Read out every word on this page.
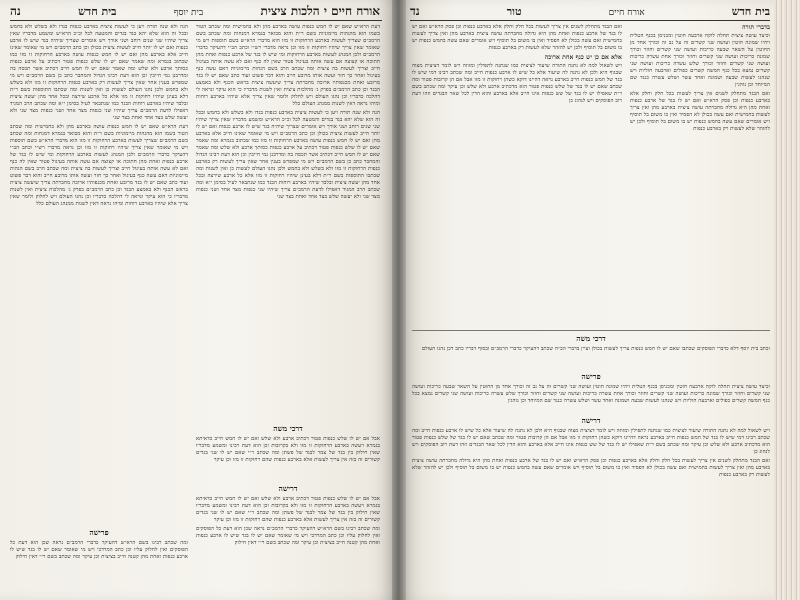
אורח חיים י הלכות ציצית
בית יוסף
בית חדש
נה

הגה ולא שנה תורה ויען כי לעשות ציצית בארבע כנפות בגדו ולא בשלש ולא בחמש ובכל זה הוא שלא יהא בגד בגדים והמטעה לכל וכ״כ הרא״ש ומשמע מדבריו שאין צריך שיהיו שני שנים רוחב ושני אורך ויש אומרים שצריך שיהיה בגד שיש לו ארבע כנפות ואם יש לו יותר חייב לעשות ציצית בכולן וכן כתב הרמב״ם ויש מי שאומר שאינו חייב אלא בארבע מהן ואם יש לו חמש כנפות עושה בארבע הרחוקות זו מזו כמו שכתוב בגמרא ומה שאמר שאם יש לו שלש כנפות פטור דכתיב על ארבע כנפות כסותך ארבע ולא שלש ומה שאמר שאם יש לו חמש חייב דכתיב אשר תכסה בה ומדרבנן נמי חייבין וכן הוא דעת רבינו הגדול והמחבר כתב כן בשם הרמב״ם ויש מי שמפרש בענין אחר שאין צריך לעשות רק בארבע כנפות הרחוקות זו מזו ולא בשלש ולא בחמש ולכן נהגו העולם לעשות כן ואין לשנות ומה שכתבו התוספות בשם ר״ת דלא בעינן שיהיו רחוקות זו מזו אלא כל ארבע שירצה ובכל אחד מהן יעשה ציצית ובלבד שיהיו בארבע רוחות הבגד כמו שנתבאר לעיל בסימן י״א ומה שכתב הרב המגיד דאפילו לדעת הרמב״ם צריך שיהיו שני כנפות מצד אחד ושני כנפות מצד שני ולא יעשה שלש בצד אחד ואחת בצד שני

דעת הרא״ש שאם יש לו חמש כנפות עושה בארבע מהן ולא בחמישית ומה שכתב הטור בשמו הוא מהגהות מיימוניות בשם ר״ת והוא מבואר בגמרא דמנחות ומה שכתב בשם הרמב״ם שצריך לעשות בארבע הרחוקות זו מזו הוא מדברי הרא״ש בשם תוספות ויש מי שאומר שאין צריך שיהיו רחוקות זו מזו וכן נראה מדברי רש״י וכתב הב״י דהעיקר כדברי הרמב״ם ולכן המנהג לעשות בארבע הרחוקות ומי שיש לו בגד של ארבע כנפות ואחת מהן חתוכה או קצוצה אם עשה אותה בעיגול פטור שאין לה כנף ואם לא עשה אותה בעיגול חייב וצריך לעשות בה ציצית ומה שכתב הרב בשם הגהות מיימוניות דאם עשה כנף בעיגול ואחר כך חזר ועשה אותו מרובע חייב והוא דבר פשוט ועוד כתב שאם יש לו בגד מרובע ואחת מכנפותיו ארוכה מחברתה צריך שיעשה ציצית בראש הכנף ולא באמצע הבגד וכן כתב הרמב״ם בפרק ג׳ מהלכות ציצית ואין לשנות מדבריו כי הוא עיקר ונראה לי דהלכה כדבריו וכן נהגו העולם ויש לחלוק ולומר שאין צריך אלא שיהיו בארבע רוחות ומיהו נראה דאין לשנות ממנהג העולם כלל

דעת הרא״ש שאם יש לו חמש כנפות עושה בארבע מהן ולא בחמישית ומה שכתב הטור בשמו הוא מהגהות מיימוניות בשם ר״ת והוא מבואר בגמרא דמנחות ומה שכתב בשם הרמב״ם שצריך לעשות בארבע הרחוקות זו מזו הוא מדברי הרא״ש בשם תוספות ויש מי שאומר שאין צריך שיהיו רחוקות זו מזו וכן נראה מדברי רש״י וכתב הב״י דהעיקר כדברי הרמב״ם ולכן המנהג לעשות בארבע הרחוקות ומי שיש לו בגד של ארבע כנפות ואחת מהן חתוכה או קצוצה אם עשה אותה בעיגול פטור שאין לה כנף ואם לא עשה אותה בעיגול חייב וצריך לעשות בה ציצית ומה שכתב הרב בשם הגהות מיימוניות דאם עשה כנף בעיגול ואחר כך חזר ועשה אותו מרובע חייב והוא דבר פשוט ועוד כתב שאם יש לו בגד מרובע ואחת מכנפותיו ארוכה מחברתה צריך שיעשה ציצית בראש הכנף ולא באמצע הבגד וכן כתב הרמב״ם בפרק ג׳ מהלכות ציצית ואין לשנות מדבריו כי הוא עיקר ונראה לי דהלכה כדבריו וכן נהגו העולם ויש לחלוק ולומר שאין צריך אלא שיהיו בארבע רוחות ומיהו נראה דאין לשנות ממנהג העולם כלל

הגה ולא שנה תורה ויען כי לעשות ציצית בארבע כנפות בגדו ולא בשלש ולא בחמש ובכל זה הוא שלא יהא בגד בגדים והמטעה לכל וכ״כ הרא״ש ומשמע מדבריו שאין צריך שיהיו שני שנים רוחב ושני אורך ויש אומרים שצריך שיהיה בגד שיש לו ארבע כנפות ואם יש לו יותר חייב לעשות ציצית בכולן וכן כתב הרמב״ם ויש מי שאומר שאינו חייב אלא בארבע מהן ואם יש לו חמש כנפות עושה בארבע הרחוקות זו מזו כמו שכתוב בגמרא ומה שאמר שאם יש לו שלש כנפות פטור דכתיב על ארבע כנפות כסותך ארבע ולא שלש ומה שאמר שאם יש לו חמש חייב דכתיב אשר תכסה בה ומדרבנן נמי חייבין וכן הוא דעת רבינו הגדול והמחבר כתב כן בשם הרמב״ם ויש מי שמפרש בענין אחר שאין צריך לעשות רק בארבע כנפות הרחוקות זו מזו ולא בשלש ולא בחמש ולכן נהגו העולם לעשות כן ואין לשנות ומה שכתבו התוספות בשם ר״ת דלא בעינן שיהיו רחוקות זו מזו אלא כל ארבע שירצה ובכל אחד מהן יעשה ציצית ובלבד שיהיו בארבע רוחות הבגד כמו שנתבאר לעיל בסימן י״א ומה שכתב הרב המגיד דאפילו לדעת הרמב״ם צריך שיהיו שני כנפות מצד אחד ושני כנפות מצד שני ולא יעשה שלש בצד אחד ואחת בצד שני

דרכי משה

אבל אם יש לו שלש כנפות פטור דכתיב ארבע ולא שלש ואם יש לו חמש חייב כדאיתא בגמרא ויעשה בארבע הרחוקות זו מזו ולא בקרובות וכן הוא דעת רבינו ומשמע מדבריו שאין חילוק בין בגד של צמר לבגד של פשתן ומה שכתב ר״י שאם יש לו שני בגדים קשורים זה בזה אין צריך לעשות אלא בארבע כנפות שהם רחוקות זו מזו וכן עיקר

פרישה

ומה שכתב רבינו בשם הרא״ש דהעיקר כדברי הרמב״ם נראה שכן הוא דעת כל הפוסקים ואין לחלוק עליו וכן כתב המרדכי ויש מי שאומר שאם יש לו בגד שיש לו ארבע כנפות ואחת מהן קטנה חייב בציצית וכן עיקר ומה שכתב בשם ר״י דאין חילוק

דרישה

אבל אם יש לו שלש כנפות פטור דכתיב ארבע ולא שלש ואם יש לו חמש חייב כדאיתא בגמרא ויעשה בארבע הרחוקות זו מזו ולא בקרובות וכן הוא דעת רבינו ומשמע מדבריו שאין חילוק בין בגד של צמר לבגד של פשתן ומה שכתב ר״י שאם יש לו שני בגדים קשורים זה בזה אין צריך לעשות אלא בארבע כנפות שהם רחוקות זו מזו וכן עיקר

ומה שכתב רבינו בשם הרא״ש דהעיקר כדברי הרמב״ם נראה שכן הוא דעת כל הפוסקים ואין לחלוק עליו וכן כתב המרדכי ויש מי שאומר שאם יש לו בגד שיש לו ארבע כנפות ואחת מהן קטנה חייב בציצית וכן עיקר ומה שכתב בשם ר״י דאין חילוק

בית חדש
אורח חיים
טור
נד

ואם הבגד מתחלק לשנים אין צריך לעשות בכל חלק וחלק אלא בארבע כנפות וכן פסק הרא״ש ואם יש לו בגד של ארבע כנפות ואחת מהן היא גדולה מחברתה עושה ציצית בארבע מהן ואין צריך לעשות בחמישית ואם עשה בכולן לא הפסיד ואין בו משום בל תוסיף ויש אומרים שאם עשה בחמש כנפות יש בו משום בל תוסיף ולכן יש להזהר שלא לעשות רק בארבע כנפות

אלא אם כן יש כנף אחת ארוכה

ויש לשאול למה לא נתנה התורה שיעור לציצית כמו שנתנה לתפילין ומזוזה ויש לומר דציצית מצוה שבגוף היא ולכן לא נתנה לה שיעור אלא כל שיש לו ארבע כנפות חייב ומה שכתב רבינו דמי שיש לו בגד של חמש כנפות חייב בארבע נראה דהיינו דוקא כשהן רחוקות זו מזו אבל אם הן קרובות פטור ומה שכתב שאם יש לו בגד של שלש כנפות פטור הוא מדכתיב ארבע ולא שלש וכן עיקר ומה שכתב בשם ר״ת שאפילו יש לו בגד של שש כנפות אינו חייב אלא בארבע והוא הדין לכל שאר הבגדים וזהו דעת רוב הפוסקים ויש לנהוג כן

בדברי תורה

וכיצד עושה ציצית תחלה לוקח ארבעה חוטין ומכניסן בכנף הטלית ויהיו שמונה חוטין ועושה שני קשרים זה על גב זה וכורך אחד מן החוטין על השאר שבעה כריכות ועושה שני קשרים וחוזר וכורך שמונה כריכות ועושה שני קשרים וחוזר וכורך אחת עשרה כריכות ועושה שני קשרים וחוזר וכורך שלש עשרה כריכות ועושה שני קשרים נמצא בכל כנף חמשה קשרים כפולים וארבעה חוליות ויש שנהגו לעשות שבעה ושמונה ואחד עשר ושלש עשרה כנגד שם המיוחד וכן נוהגין

ואם הבגד מתחלק לשנים אין צריך לעשות בכל חלק וחלק אלא בארבע כנפות וכן פסק הרא״ש ואם יש לו בגד של ארבע כנפות ואחת מהן היא גדולה מחברתה עושה ציצית בארבע מהן ואין צריך לעשות בחמישית ואם עשה בכולן לא הפסיד ואין בו משום בל תוסיף ויש אומרים שאם עשה בחמש כנפות יש בו משום בל תוסיף ולכן יש להזהר שלא לעשות רק בארבע כנפות

דרכי משה

וכתב בית יוסף דלא כדברי הפוסקים שכתבו שאם יש לו חמש כנפות צריך לעשות בכולן ועיין בדברי הב״ח שכתב דהעיקר כדברי הרמב״ם ובסוף דבריו כתב דכן נהגו העולם

פרישה

וכיצד עושה ציצית תחלה לוקח ארבעה חוטין ומכניסן בכנף הטלית ויהיו שמונה חוטין ועושה שני קשרים זה על גב זה וכורך אחד מן החוטין על השאר שבעה כריכות ועושה שני קשרים וחוזר וכורך שמונה כריכות ועושה שני קשרים וחוזר וכורך אחת עשרה כריכות ועושה שני קשרים וחוזר וכורך שלש עשרה כריכות ועושה שני קשרים נמצא בכל כנף חמשה קשרים כפולים וארבעה חוליות ויש שנהגו לעשות שבעה ושמונה ואחד עשר ושלש עשרה כנגד שם המיוחד וכן נוהגין

דרישה

ויש לשאול למה לא נתנה התורה שיעור לציצית כמו שנתנה לתפילין ומזוזה ויש לומר דציצית מצוה שבגוף היא ולכן לא נתנה לה שיעור אלא כל שיש לו ארבע כנפות חייב ומה שכתב רבינו דמי שיש לו בגד של חמש כנפות חייב בארבע נראה דהיינו דוקא כשהן רחוקות זו מזו אבל אם הן קרובות פטור ומה שכתב שאם יש לו בגד של שלש כנפות פטור הוא מדכתיב ארבע ולא שלש וכן עיקר ומה שכתב בשם ר״ת שאפילו יש לו בגד של שש כנפות אינו חייב אלא בארבע והוא הדין לכל שאר הבגדים וזהו דעת רוב הפוסקים ויש לנהוג כן

ואם הבגד מתחלק לשנים אין צריך לעשות בכל חלק וחלק אלא בארבע כנפות וכן פסק הרא״ש ואם יש לו בגד של ארבע כנפות ואחת מהן היא גדולה מחברתה עושה ציצית בארבע מהן ואין צריך לעשות בחמישית ואם עשה בכולן לא הפסיד ואין בו משום בל תוסיף ויש אומרים שאם עשה בחמש כנפות יש בו משום בל תוסיף ולכן יש להזהר שלא לעשות רק בארבע כנפות
